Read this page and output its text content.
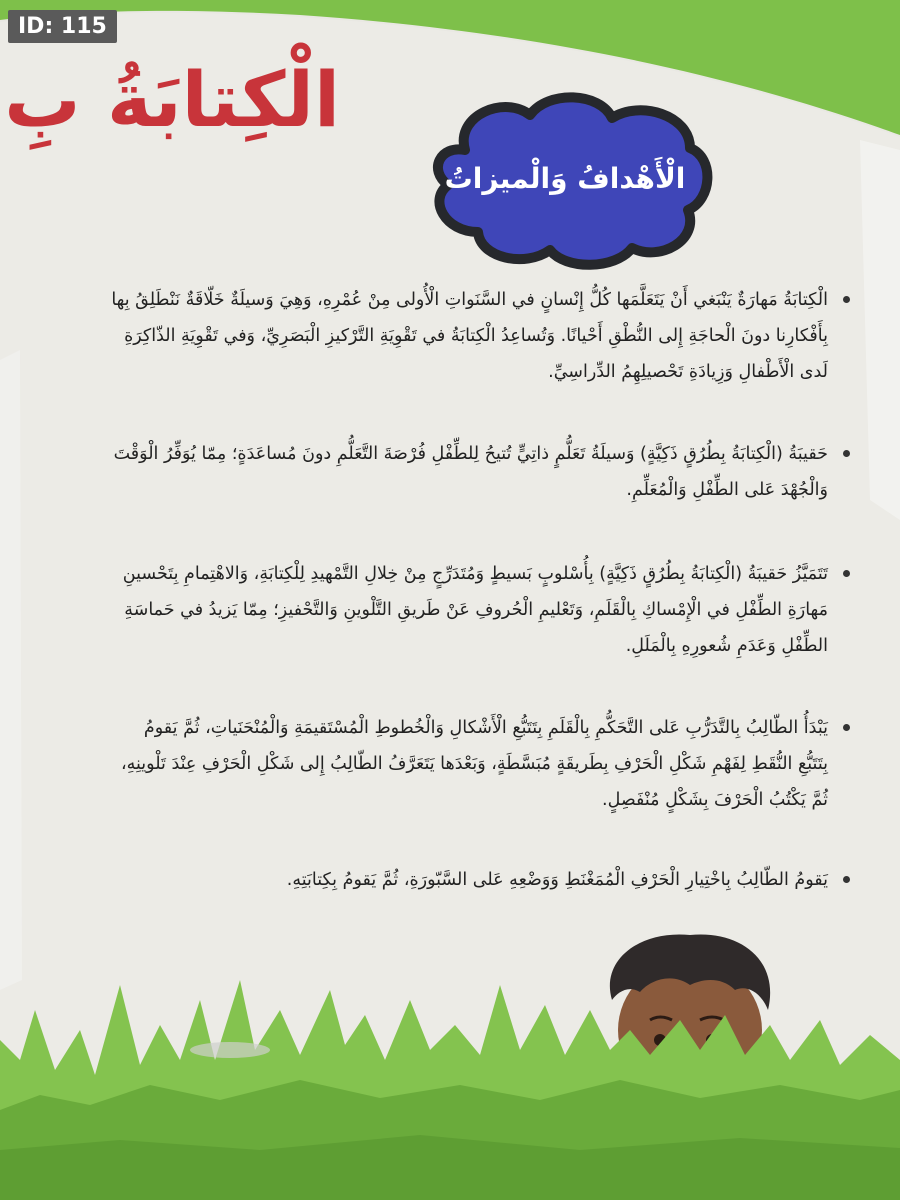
ID: 115
الْكِتابَةُ بِ
الْأَهْدافُ وَالْميزاتُ
الْكِتابَةُ مَهارَةٌ يَنْبَغي أَنْ يَتَعَلَّمَها كُلُّ إِنْسانٍ في السَّنَواتِ الْأُولى مِنْ عُمْرِهِ، وَهِيَ وَسيلَةٌ خَلّاقَةٌ نَنْطَلِقُ بِها بِأَفْكارِنا دونَ الْحاجَةِ إِلى النُّطْقِ أَحْيانًا. وَتُساعِدُ الْكِتابَةُ في تَقْوِيَةِ التَّرْكيزِ الْبَصَرِيِّ، وَفي تَقْوِيَةِ الذّاكِرَةِ لَدى الْأَطْفالِ وَزِيادَةِ تَحْصيلِهِمُ الدِّراسِيِّ.
حَقيبَةُ (الْكِتابَةُ بِطُرُقٍ ذَكِيَّةٍ) وَسيلَةُ تَعَلُّمٍ ذاتِيٍّ تُتيحُ لِلطِّفْلِ فُرْصَةَ التَّعَلُّمِ دونَ مُساعَدَةٍ؛ مِمّا يُوَفِّرُ الْوَقْتَ وَالْجُهْدَ عَلى الطِّفْلِ وَالْمُعَلِّمِ.
تَتَمَيَّزُ حَقيبَةُ (الْكِتابَةُ بِطُرُقٍ ذَكِيَّةٍ) بِأُسْلوبٍ بَسيطٍ وَمُتَدَرِّجٍ مِنْ خِلالِ التَّمْهيدِ لِلْكِتابَةِ، وَالاهْتِمامِ بِتَحْسينِ مَهارَةِ الطِّفْلِ في الْإِمْساكِ بِالْقَلَمِ، وَتَعْليمِ الْحُروفِ عَنْ طَريقِ التَّلْوينِ وَالتَّحْفيزِ؛ مِمّا يَزيدُ في حَماسَةِ الطِّفْلِ وَعَدَمِ شُعورِهِ بِالْمَلَلِ.
يَبْدَأُ الطّالِبُ بِالتَّدَرُّبِ عَلى التَّحَكُّمِ بِالْقَلَمِ بِتَتَبُّعِ الْأَشْكالِ وَالْخُطوطِ الْمُسْتَقيمَةِ وَالْمُنْحَنَياتِ، ثُمَّ يَقومُ بِتَتَبُّعِ النُّقَطِ لِفَهْمِ شَكْلِ الْحَرْفِ بِطَريقَةٍ مُبَسَّطَةٍ، وَبَعْدَها يَتَعَرَّفُ الطّالِبُ إِلى شَكْلِ الْحَرْفِ عِنْدَ تَلْوينِهِ، ثُمَّ يَكْتُبُ الْحَرْفَ بِشَكْلٍ مُنْفَصِلٍ.
يَقومُ الطّالِبُ بِاخْتِيارِ الْحَرْفِ الْمُمَغْنَطِ وَوَضْعِهِ عَلى السَّبّورَةِ، ثُمَّ يَقومُ بِكِتابَتِهِ.
